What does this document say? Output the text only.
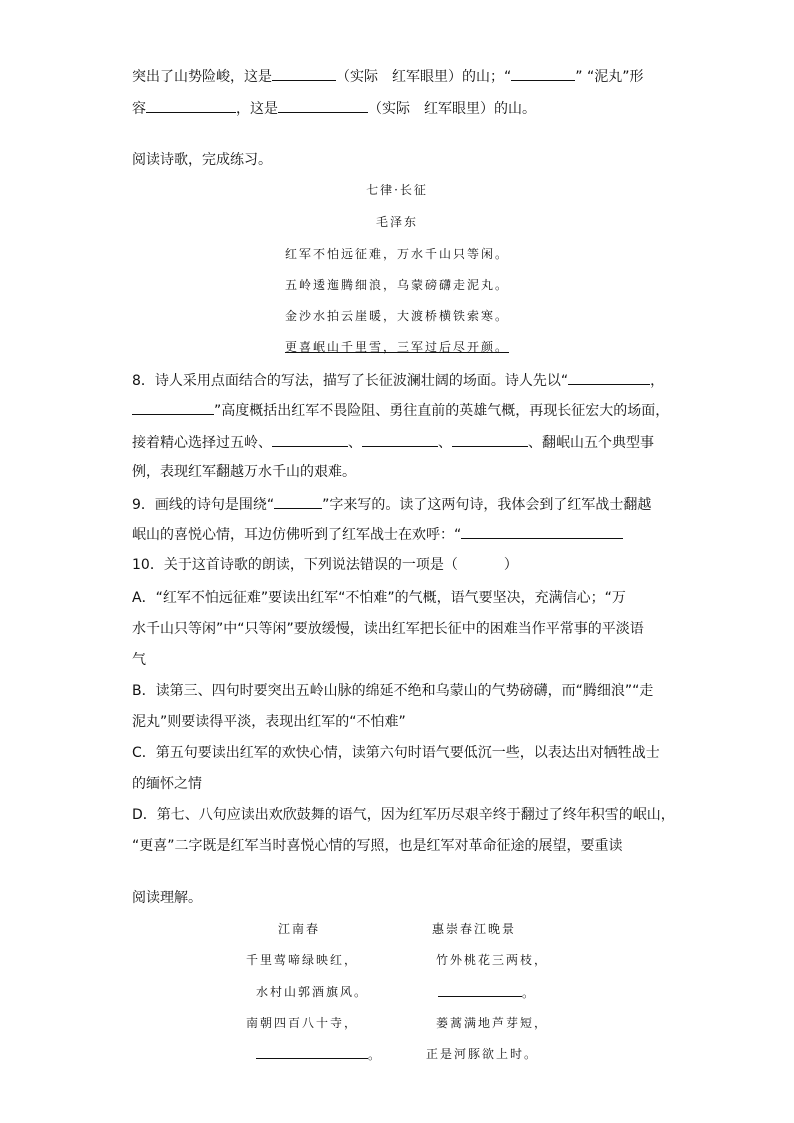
突出了山势险峻，这是	（实际　红军眼里）的山；“	” “泥丸”形
容	，这是	（实际　红军眼里）的山。
阅读诗歌，完成练习。
七律·长征
毛泽东
红军不怕远征难，万水千山只等闲。
五岭逶迤腾细浪，乌蒙磅礴走泥丸。
金沙水拍云崖暖，大渡桥横铁索寒。
更喜岷山千里雪，三军过后尽开颜。
8．诗人采用点面结合的写法，描写了长征波澜壮阔的场面。诗人先以“	，
”高度概括出红军不畏险阻、勇往直前的英雄气概，再现长征宏大的场面，
接着精心选择过五岭、	、	、	、翻岷山五个典型事
例，表现红军翻越万水千山的艰难。
9．画线的诗句是围绕“	”字来写的。读了这两句诗，我体会到了红军战士翻越
岷山的喜悦心情，耳边仿佛听到了红军战士在欢呼：“
10．关于这首诗歌的朗读，下列说法错误的一项是（	）
A．“红军不怕远征难”要读出红军“不怕难”的气概，语气要坚决，充满信心；“万
水千山只等闲”中“只等闲”要放缓慢，读出红军把长征中的困难当作平常事的平淡语
气
B．读第三、四句时要突出五岭山脉的绵延不绝和乌蒙山的气势磅礴，而“腾细浪”“走
泥丸”则要读得平淡，表现出红军的“不怕难”
C．第五句要读出红军的欢快心情，读第六句时语气要低沉一些，以表达出对牺牲战士
的缅怀之情
D．第七、八句应读出欢欣鼓舞的语气，因为红军历尽艰辛终于翻过了终年积雪的岷山，
“更喜”二字既是红军当时喜悦心情的写照，也是红军对革命征途的展望，要重读
阅读理解。
江南春
千里莺啼绿映红，
水村山郭酒旗风。
南朝四百八十寺，
。
惠崇春江晚景
竹外桃花三两枝，
。
蒌蒿满地芦芽短，
正是河豚欲上时。
